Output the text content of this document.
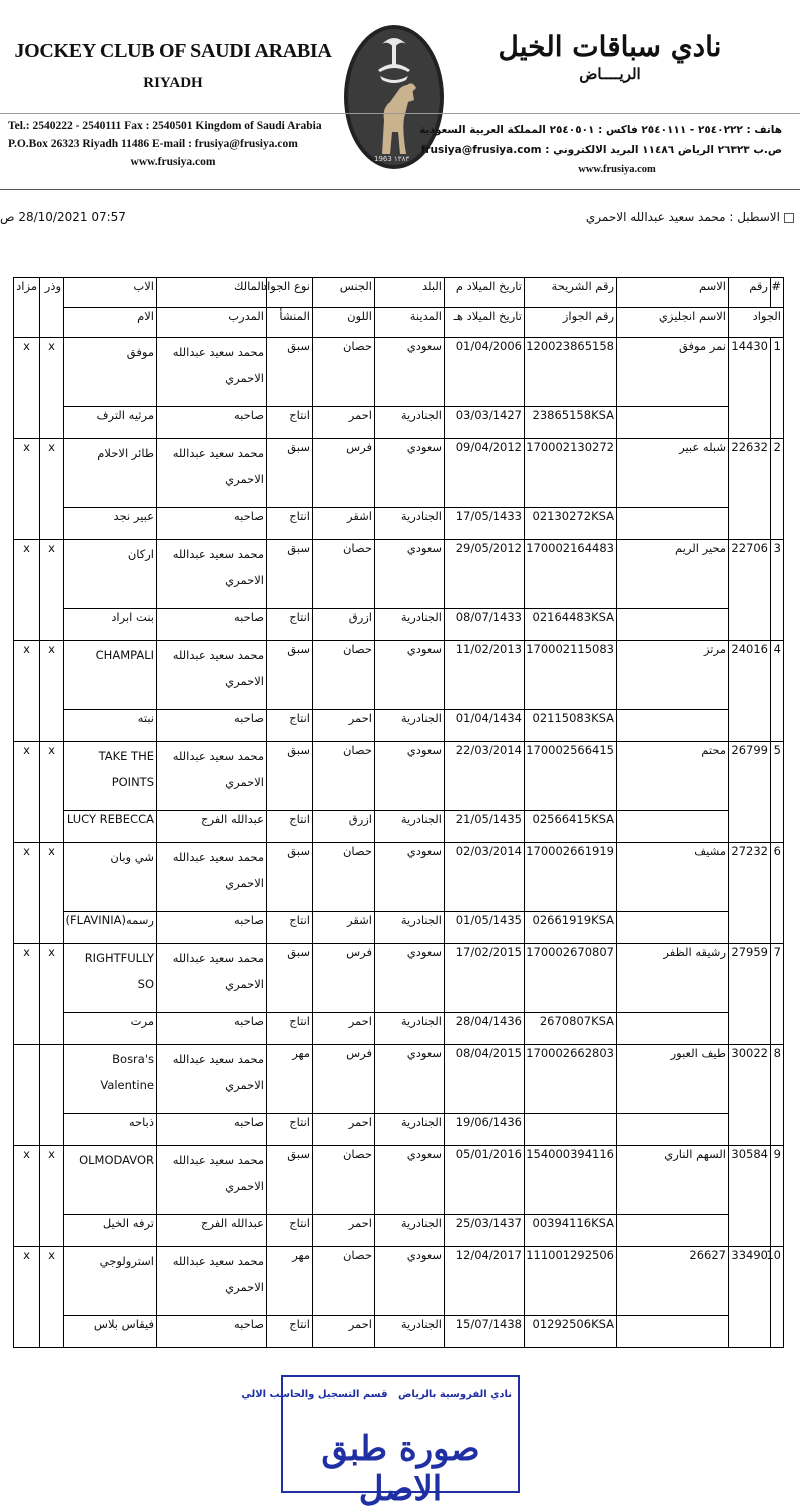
JOCKEY CLUB OF SAUDI ARABIA
RIYADH
Tel.: 2540222 - 2540111 Fax : 2540501 Kingdom of Saudi Arabia
P.O.Box 26323 Riyadh 11486 E-mail : frusiya@frusiya.com
www.frusiya.com	1963 ١٣٨٣
نادي سباقات الخيل
الريــــاض
هاتف : ٢٥٤٠٢٢٢ - ٢٥٤٠١١١ فاكس : ٢٥٤٠٥٠١ المملكة العربية السعودية
ص.ب ٢٦٣٢٣ الرياض ١١٤٨٦ البريد الالكتروني : frusiya@frusiya.com
www.frusiya.com
الاسطبل : محمد سعيد عبدالله الاحمري
07:57 28/10/2021 ص
#	رقم	الاسم	رقم الشريحة	تاريخ الميلاد م	البلد	الجنس	نوع الجواد	المالك	الاب	وذر	مزاد
الجواد		الاسم انجليزي	رقم الجواز	تاريخ الميلاد هـ	المدينة	اللون	المنشأ	المدرب	الام		
1	14430	نمر موفق	120023865158	01/04/2006	سعودي	حصان	سبق	محمد سعيد عبدالله الاحمري	موفق	x	x
			23865158KSA	03/03/1427	الجنادرية	احمر	انتاج	صاحبه	مرثيه الترف		
2	22632	شبله عبير	170002130272	09/04/2012	سعودي	فرس	سبق	محمد سعيد عبدالله الاحمري	طائر الاحلام	x	x
			02130272KSA	17/05/1433	الجنادرية	اشقر	انتاج	صاحبه	عبير نجد		
3	22706	محير الريم	170002164483	29/05/2012	سعودي	حصان	سبق	محمد سعيد عبدالله الاحمري	اركان	x	x
			02164483KSA	08/07/1433	الجنادرية	ازرق	انتاج	صاحبه	بنت ابراد		
4	24016	مرتز	170002115083	11/02/2013	سعودي	حصان	سبق	محمد سعيد عبدالله الاحمري	CHAMPALI	x	x
			02115083KSA	01/04/1434	الجنادرية	احمر	انتاج	صاحبه	نبته		
5	26799	محتم	170002566415	22/03/2014	سعودي	حصان	سبق	محمد سعيد عبدالله الاحمري	TAKE THE POINTS	x	x
			02566415KSA	21/05/1435	الجنادرية	ازرق	انتاج	عبدالله الفرج	LUCY REBECCA		
6	27232	مشيف	170002661919	02/03/2014	سعودي	حصان	سبق	محمد سعيد عبدالله الاحمري	شي وبان	x	x
			02661919KSA	01/05/1435	الجنادرية	اشقر	انتاج	صاحبه	رسمه(FLAVINIA)		
7	27959	رشيقه الظفر	170002670807	17/02/2015	سعودي	فرس	سبق	محمد سعيد عبدالله الاحمري	RIGHTFULLY SO	x	x
			2670807KSA	28/04/1436	الجنادرية	احمر	انتاج	صاحبه	مرت		
8	30022	طيف العبور	170002662803	08/04/2015	سعودي	فرس	مهر	محمد سعيد عبدالله الاحمري	Bosra's Valentine		
				19/06/1436	الجنادرية	احمر	انتاج	صاحبه	ذباحه		
9	30584	السهم الناري	154000394116	05/01/2016	سعودي	حصان	سبق	محمد سعيد عبدالله الاحمري	OLMODAVOR	x	x
			00394116KSA	25/03/1437	الجنادرية	احمر	انتاج	عبدالله الفرج	ترفه الخيل		
10	33490	26627	111001292506	12/04/2017	سعودي	حصان	مهر	محمد سعيد عبدالله الاحمري	استرولوجي	x	x
			01292506KSA	15/07/1438	الجنادرية	احمر	انتاج	صاحبه	فيقاس بلاس		
نادي الفروسية بالرياض   قسم التسجيل والحاسب الالي
صورة طبق الاصل
